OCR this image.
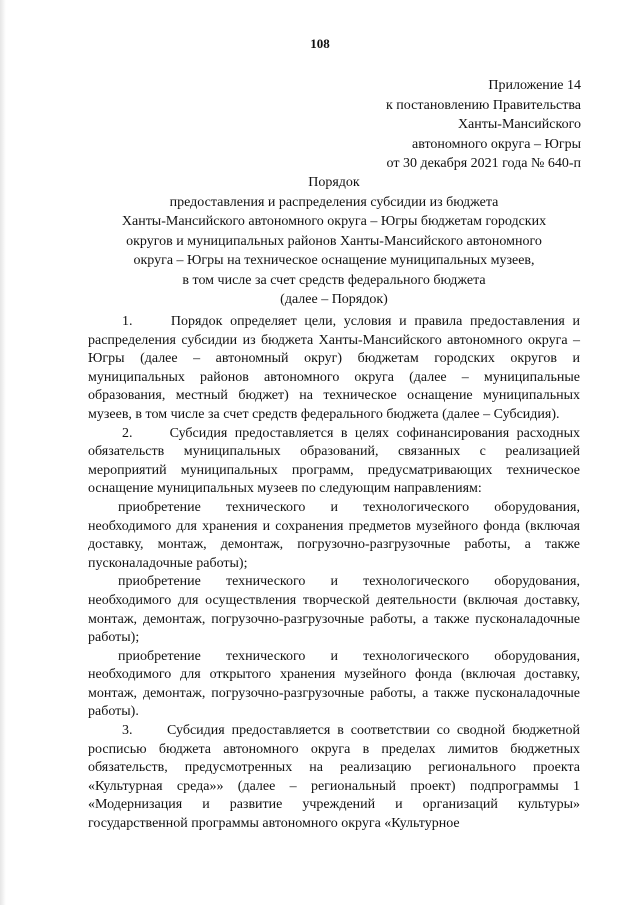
108
Приложение 14
к постановлению Правительства
Ханты-Мансийского
автономного округа – Югры
от 30 декабря 2021 года № 640-п
Порядок
предоставления и распределения субсидии из бюджета
Ханты-Мансийского автономного округа – Югры бюджетам городских
округов и муниципальных районов Ханты-Мансийского автономного
округа – Югры на техническое оснащение муниципальных музеев,
в том числе за счет средств федерального бюджета
(далее – Порядок)

1.     Порядок определяет цели, условия и правила предоставления и распределения субсидии из бюджета Ханты-Мансийского автономного округа – Югры (далее – автономный округ) бюджетам городских округов и муниципальных районов автономного округа (далее – муниципальные образования, местный бюджет) на техническое оснащение муниципальных музеев, в том числе за счет средств федерального бюджета (далее – Субсидия).

2.     Субсидия предоставляется в целях софинансирования расходных обязательств муниципальных образований, связанных с реализацией мероприятий муниципальных программ, предусматривающих техническое оснащение муниципальных музеев по следующим направлениям:

приобретение технического и технологического оборудования, необходимого для хранения и сохранения предметов музейного фонда (включая доставку, монтаж, демонтаж, погрузочно-разгрузочные работы, а также пусконаладочные работы);

приобретение технического и технологического оборудования, необходимого для осуществления творческой деятельности (включая доставку, монтаж, демонтаж, погрузочно-разгрузочные работы, а также пусконаладочные работы);

приобретение технического и технологического оборудования, необходимого для открытого хранения музейного фонда (включая доставку, монтаж, демонтаж, погрузочно-разгрузочные работы, а также пусконаладочные работы).

3.     Субсидия предоставляется в соответствии со сводной бюджетной росписью бюджета автономного округа в пределах лимитов бюджетных обязательств, предусмотренных на реализацию регионального проекта «Культурная среда»» (далее – региональный проект) подпрограммы 1 «Модернизация и развитие учреждений и организаций культуры» государственной программы автономного округа «Культурное
